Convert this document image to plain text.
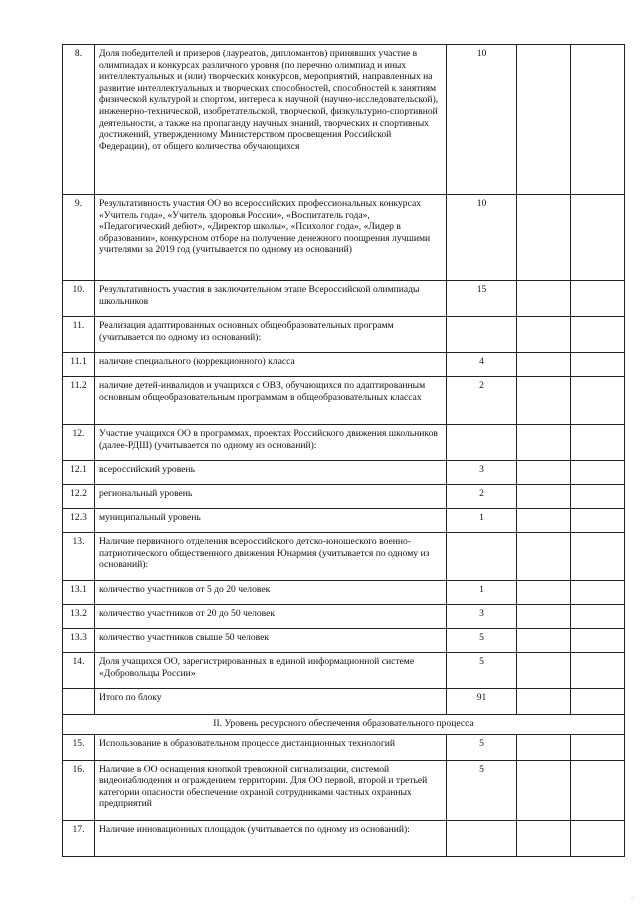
8.	Доля победителей и призеров (лауреатов, дипломантов) принявших участие в олимпиадах и конкурсах различного уровня (по перечню олимпиад и иных интеллектуальных и (или) творческих конкурсов, мероприятий, направленных на развитие интеллектуальных и творческих способностей, способностей к занятиям физической культурой и спортом, интереса к научной (научно-исследовательской), инженерно-технической, изобретательской, творческой, физкультурно-спортивной деятельности, а также на пропаганду научных знаний, творческих и спортивных достижений, утвержденному Министерством просвещения Российской Федерации), от общего количества обучающихся	10		
9.	Результативность участия ОО во всероссийских профессиональных конкурсах «Учитель года», «Учитель здоровья России», «Воспитатель года», «Педагогический дебют», «Директор школы», «Психолог года», «Лидер в образовании», конкурсном отборе на получение денежного поощрения лучшими учителями за 2019 год (учитывается по одному из оснований)	10		
10.	Результативность участия в заключительном этапе Всероссийской олимпиады школьников	15		
11.	Реализация адаптированных основных общеобразовательных программ (учитывается по одному из оснований):			
11.1	наличие специального (коррекционного) класса	4		
11.2	наличие детей-инвалидов и учащихся с ОВЗ, обучающихся по адаптированным основным общеобразовательным программам в общеобразовательных классах	2		
12.	Участие учащихся ОО в программах, проектах Российского движения школьников (далее-РДШ) (учитывается по одному из оснований):			
12.1	всероссийский уровень	3		
12.2	региональный уровень	2		
12.3	муниципальный уровень	1		
13.	Наличие первичного отделения всероссийского детско-юношеского военно-патриотического общественного движения Юнармия (учитывается по одному из оснований):			
13.1	количество участников от 5 до 20 человек	1		
13.2	количество участников от 20 до 50 человек	3		
13.3	количество участников свыше 50 человек	5		
14.	Доля учащихся ОО, зарегистрированных в единой информационной системе «Добровольцы России»	5		
	Итого по блоку	91		
II. Уровень ресурсного обеспечения образовательного процесса				
15.	Использование в образовательном процессе дистанционных технологий	5		
16.	Наличие в ОО оснащения кнопкой тревожной сигнализации, системой видеонаблюдения и ограждением территории. Для ОО первой, второй и третьей категории опасности обеспечение охраной сотрудниками частных охранных предприятий	5		
17.	Наличие инновационных площадок (учитывается по одному из оснований):			
.:
